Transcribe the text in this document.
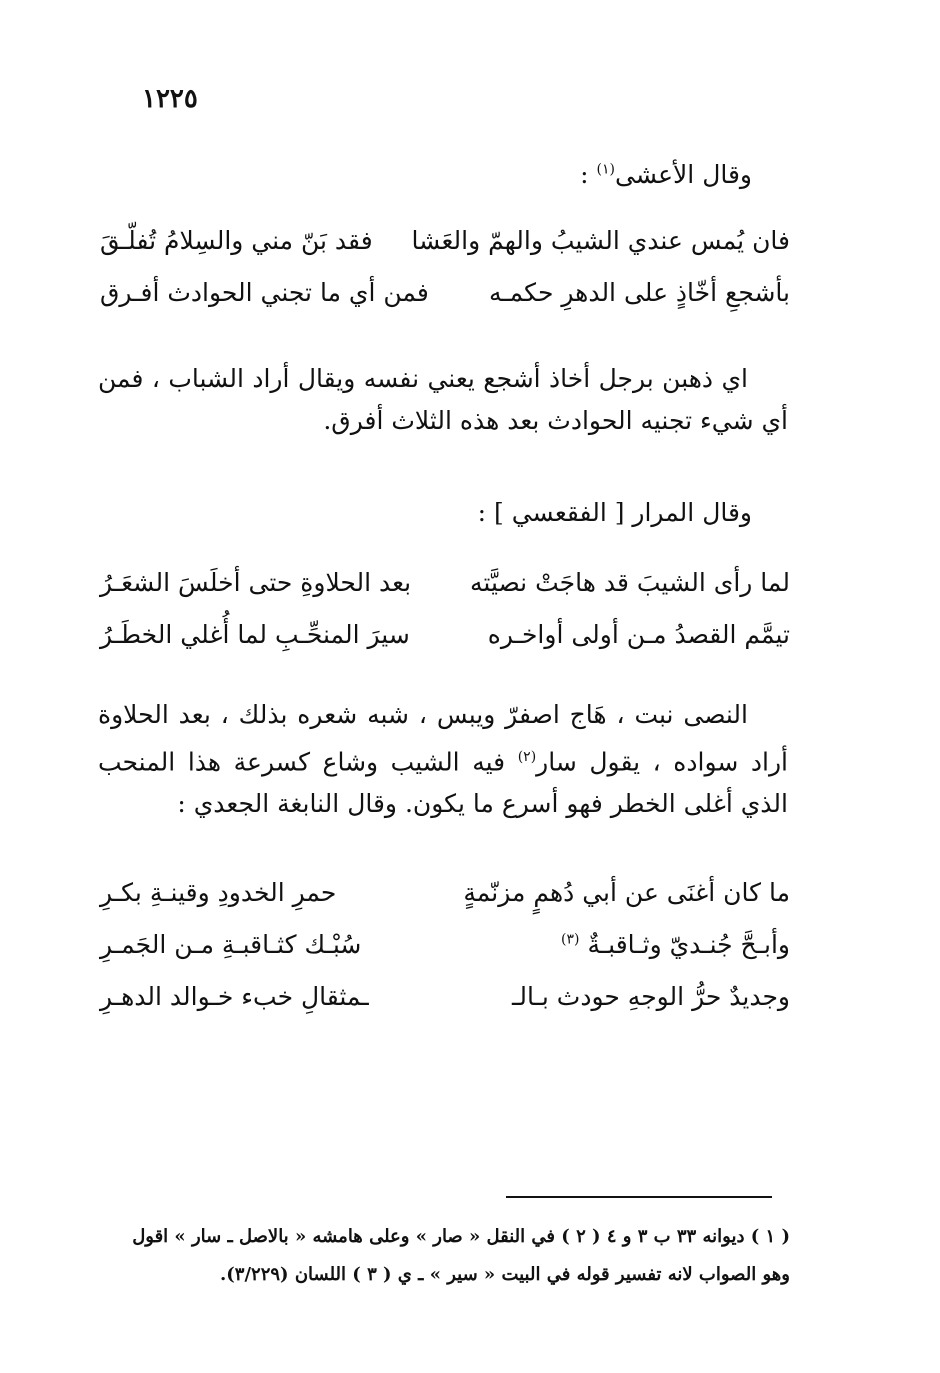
١٢٢٥
وقال الأعشى$^{(١)}$ :
فان يُمس عندي الشيبُ والهمّ والعَشا
فقد بَنّ مني والسِلامُ تُفلّـقَ
بأشجعِ أخّاذٍ على الدهرِ حكمـه
فمن أي ما تجني الحوادث أفـرق
اي ذهبن برجل أخاذ أشجع يعني نفسه ويقال أراد الشباب ، فمن أي شيء تجنيه الحوادث بعد هذه الثلاث أفرق.
وقال المرار [ الفقعسي ] :
لما رأى الشيبَ قد هاجَتْ نصيَّته
بعد الحلاوةِ حتى أخلَسَ الشعَـرُ
تيمَّم القصدُ مـن أولى أواخـره
سيرَ المنحِّـبِ لما أُغلي الخطَـرُ
النصى نبت ، هَاج اصفرّ ويبس ، شبه شعره بذلك ، بعد الحلاوة أراد سواده ، يقول سار$^{(٢)}$ فيه الشيب وشاع كسرعة هذا المنحب الذي أغلى الخطر فهو أسرع ما يكون. وقال النابغة الجعدي :
ما كان أغنَى عن أبي دُهمٍ مزنّمةٍ
حمرِ الخدودِ وقينـةِ بكـرِ
وأبـحَّ جُنـديّ وثـاقبـةٌ $^{(٣)}$
سُبْـك كثـاقبـةِ مـن الجَمـرِ
وجديدٌ حرُّ الوجهِ حودث بـالـ
ـمثقالِ خبء خـوالد الدهـرِ
( ١ ) ديوانه ٣٣ ب ٣ و ٤ ( ٢ ) في النقل « صار » وعلى هامشه « بالاصل ـ سار » اقول
وهو الصواب لانه تفسير قوله في البيت « سير » ـ ي ( ٣ ) اللسان (٣/٢٢٩).
